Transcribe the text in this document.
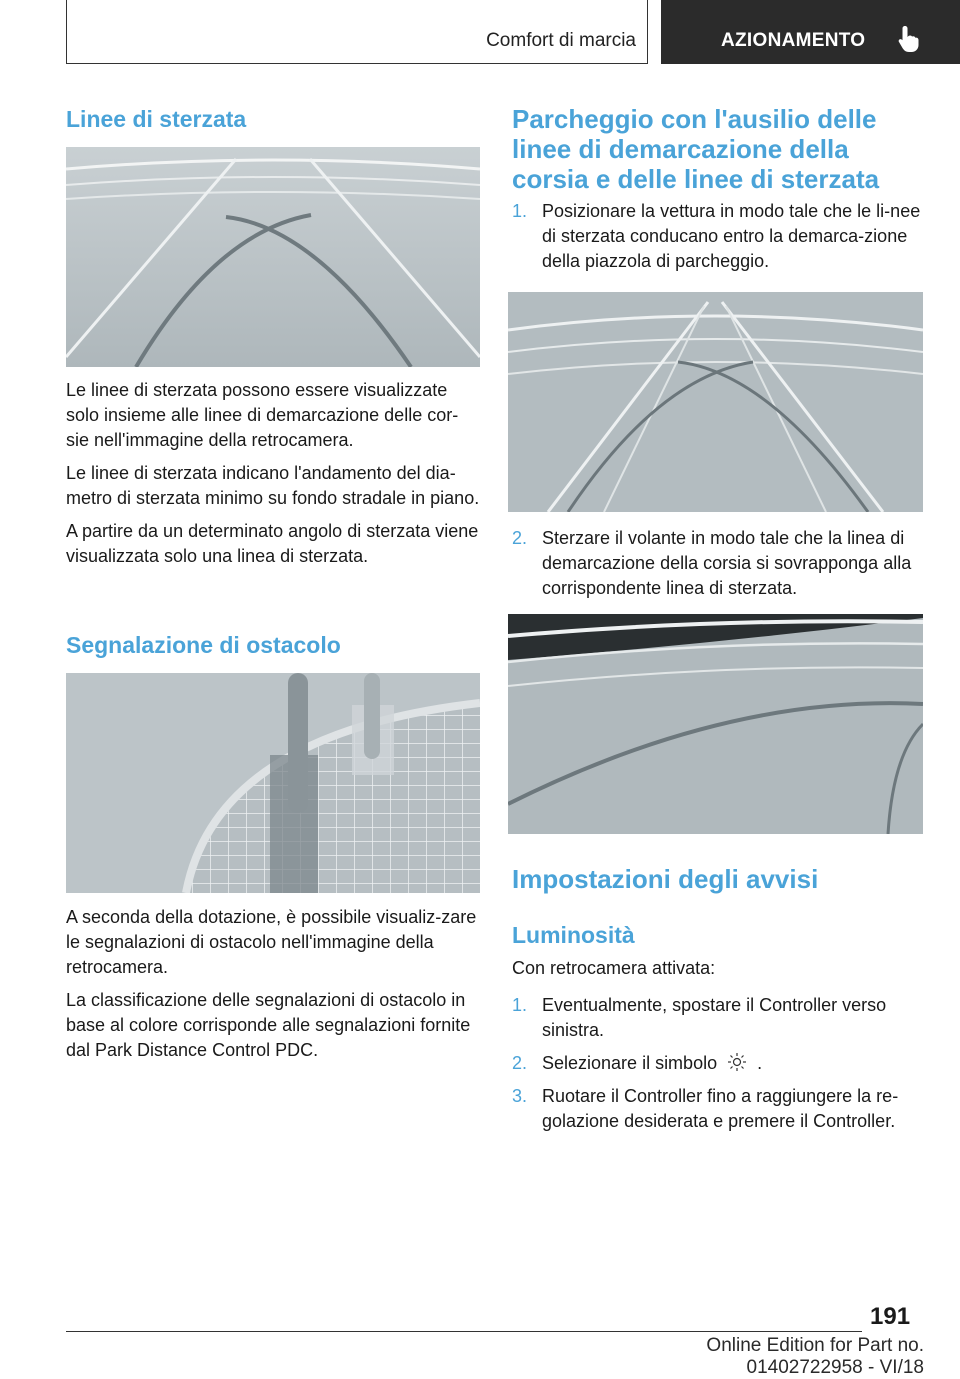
Comfort di marcia	AZIONAMENTO
Linee di sterzata

Le linee di sterzata possono essere visualizzate solo insieme alle linee di demarcazione delle cor-sie nell'immagine della retrocamera.

Le linee di sterzata indicano l'andamento del dia-metro di sterzata minimo su fondo stradale in piano.

A partire da un determinato angolo di sterzata viene visualizzata solo una linea di sterzata.

Segnalazione di ostacolo

A seconda della dotazione, è possibile visualiz-zare le segnalazioni di ostacolo nell'immagine della retrocamera.

La classificazione delle segnalazioni di ostacolo in base al colore corrisponde alle segnalazioni fornite dal Park Distance Control PDC.

Parcheggio con l'ausilio delle linee di demarcazione della corsia e delle linee di sterzata
1. Posizionare la vettura in modo tale che le li-nee di sterzata conducano entro la demarca-zione della piazzola di parcheggio.
2. Sterzare il volante in modo tale che la linea di demarcazione della corsia si sovrapponga alla corrispondente linea di sterzata.
Impostazioni degli avvisi
Luminosità

Con retrocamera attivata:

1. Eventualmente, spostare il Controller verso sinistra.
2. Selezionare il simbolo .
3. Ruotare il Controller fino a raggiungere la re-golazione desiderata e premere il Controller.
191
Online Edition for Part no. 01402722958 - VI/18
